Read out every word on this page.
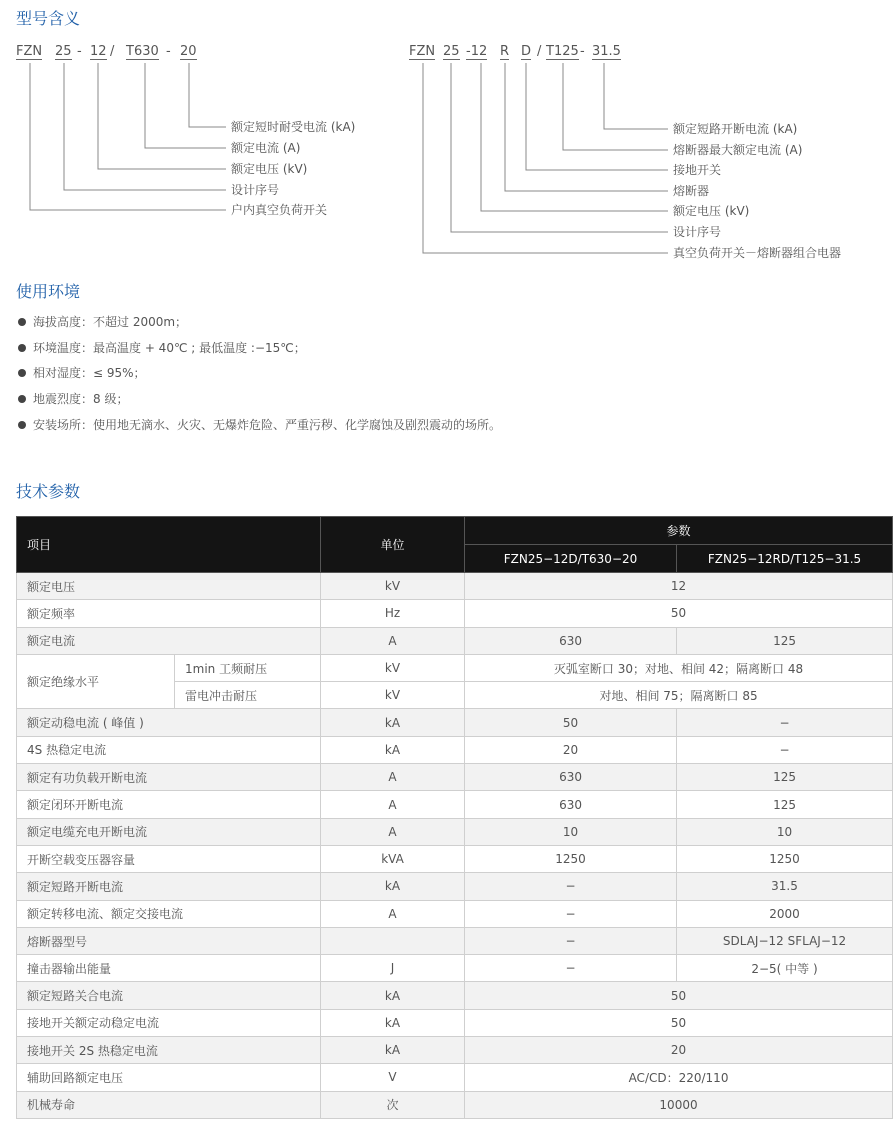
型号含义
FZN 25 - 12 / T630 - 20
额定短时耐受电流 (kA)
额定电流 (A)
额定电压 (kV)
设计序号
户内真空负荷开关
FZN 25 -12 R D / T125 - 31.5
额定短路开断电流 (kA)
熔断器最大额定电流 (A)
接地开关
熔断器
额定电压 (kV)
设计序号
真空负荷开关－熔断器组合电器
使用环境
海拔高度：不超过 2000m；
环境温度：最高温度 + 40℃ ; 最低温度 :−15℃；
相对湿度：≤ 95%；
地震烈度：8 级；
安装场所：使用地无滴水、火灾、无爆炸危险、严重污秽、化学腐蚀及剧烈震动的场所。
技术参数
项目		单位	参数	
			FZN25−12D/T630−20	FZN25−12RD/T125−31.5
额定电压		kV	12	
额定频率		Hz	50	
额定电流		A	630	125
额定绝缘水平	1min 工频耐压	kV	灭弧室断口 30；对地、相间 42；隔离断口 48	
	雷电冲击耐压	kV	对地、相间 75；隔离断口 85	
额定动稳电流 ( 峰值 )		kA	50	−
4S 热稳定电流		kA	20	−
额定有功负载开断电流		A	630	125
额定闭环开断电流		A	630	125
额定电缆充电开断电流		A	10	10
开断空载变压器容量		kVA	1250	1250
额定短路开断电流		kA	−	31.5
额定转移电流、额定交接电流		A	−	2000
熔断器型号			−	SDLAJ−12 SFLAJ−12
撞击器输出能量		J	−	2−5( 中等 )
额定短路关合电流		kA	50	
接地开关额定动稳定电流		kA	50	
接地开关 2S 热稳定电流		kA	20	
辅助回路额定电压		V	AC/CD：220/110	
机械寿命		次	10000	
